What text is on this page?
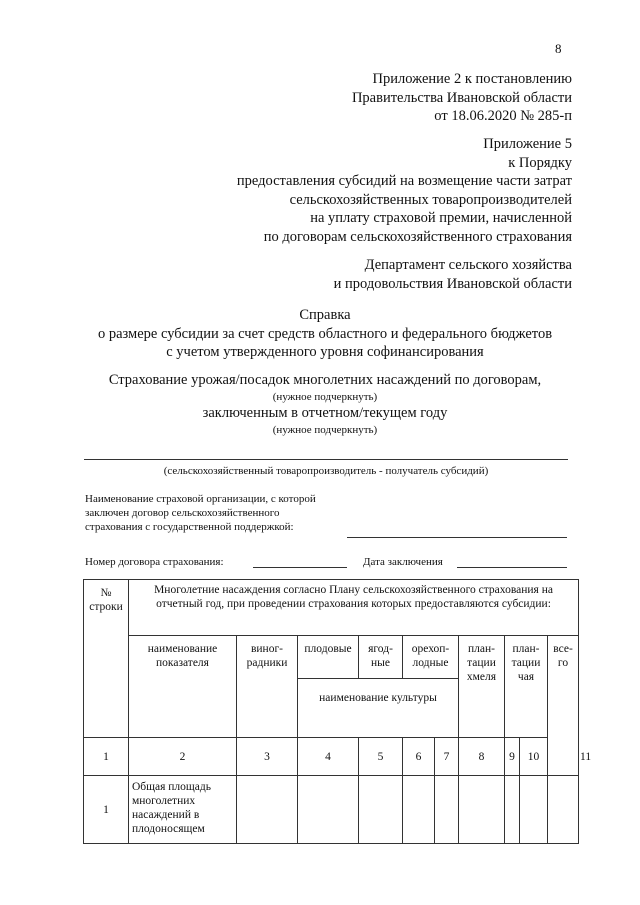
8
Приложение 2 к постановлению
Правительства Ивановской области
от 18.06.2020 № 285-п
Приложение 5
к Порядку
предоставления субсидий на возмещение части затрат
сельскохозяйственных товаропроизводителей
на уплату страховой премии, начисленной
по договорам сельскохозяйственного страхования
Департамент сельского хозяйства
и продовольствия Ивановской области
Справка
о размере субсидии за счет средств областного и федерального бюджетов
с учетом утвержденного уровня софинансирования
Страхование урожая/посадок многолетних насаждений по договорам,
(нужное подчеркнуть)
заключенным в отчетном/текущем году
(нужное подчеркнуть)
(сельскохозяйственный товаропроизводитель - получатель субсидий)
Наименование страховой организации, с которой
заключен договор сельскохозяйственного
страхования с государственной поддержкой:
Номер договора страхования:	Дата заключения
№ строки	Многолетние насаждения согласно Плану сельскохозяйственного страхования на отчетный год, при проведении страхования которых предоставляются субсидии:										
	наименование показателя	виног-радники	плодовые	ягод-ные	орехоп-лодные		план-тации хмеля	план-тации чая		все-го	
			наименование культуры								
1	2	3	4	5	6	7	8	9	10		11
1	Общая площадь многолетних насаждений в плодоносящем										
